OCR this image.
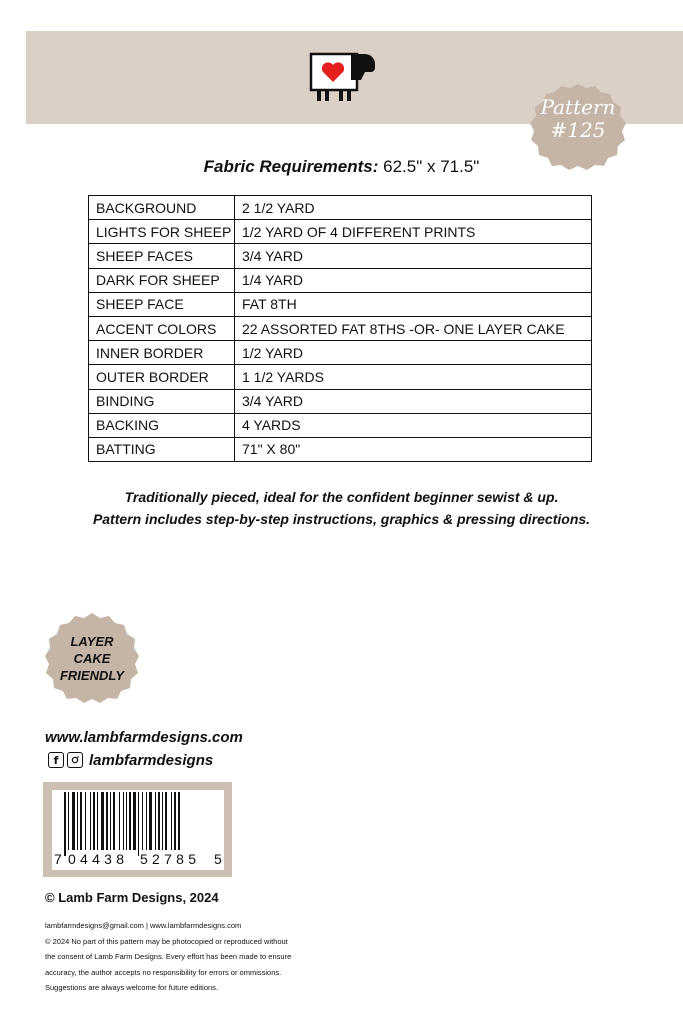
Pattern
#125
Fabric Requirements: 62.5" x 71.5"
BACKGROUND	2 1/2 YARD
LIGHTS FOR SHEEP	1/2 YARD OF 4 DIFFERENT PRINTS
SHEEP FACES	3/4 YARD
DARK FOR SHEEP	1/4 YARD
SHEEP FACE	FAT 8TH
ACCENT COLORS	22 ASSORTED FAT 8THS -OR- ONE LAYER CAKE
INNER BORDER	1/2 YARD
OUTER BORDER	1 1/2 YARDS
BINDING	3/4 YARD
BACKING	4 YARDS
BATTING	71" X 80"
Traditionally pieced, ideal for the confident beginner sewist & up.
Pattern includes step-by-step instructions, graphics & pressing directions.
LAYER
CAKE
FRIENDLY
www.lambfarmdesigns.com
f lambfarmdesigns
7 04438 52785 5
© Lamb Farm Designs, 2024
lambfarmdesigns@gmail.com | www.lambfarmdesigns.com
© 2024 No part of this pattern may be photocopied or reproduced without
the consent of Lamb Farm Designs. Every effort has been made to ensure
accuracy, the author accepts no responsibility for errors or ommissions.
Suggestions are always welcome for future editions.
